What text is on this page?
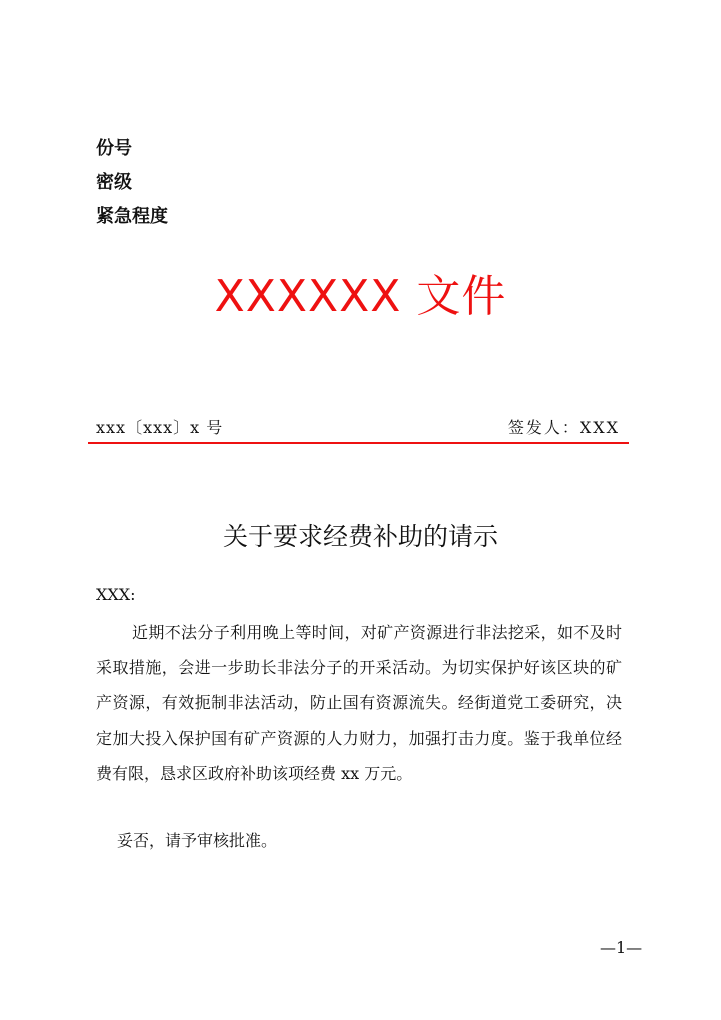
份号
密级
紧急程度
XXXXXX 文件
xxx〔xxx〕x 号	签发人：XXX
关于要求经费补助的请示
XXX:
近期不法分子利用晚上等时间，对矿产资源进行非法挖采，如不及时采取措施，会进一步助长非法分子的开采活动。为切实保护好该区块的矿产资源，有效扼制非法活动，防止国有资源流失。经街道党工委研究，决定加大投入保护国有矿产资源的人力财力，加强打击力度。鉴于我单位经费有限，恳求区政府补助该项经费 xx 万元。
妥否，请予审核批准。
—1—
